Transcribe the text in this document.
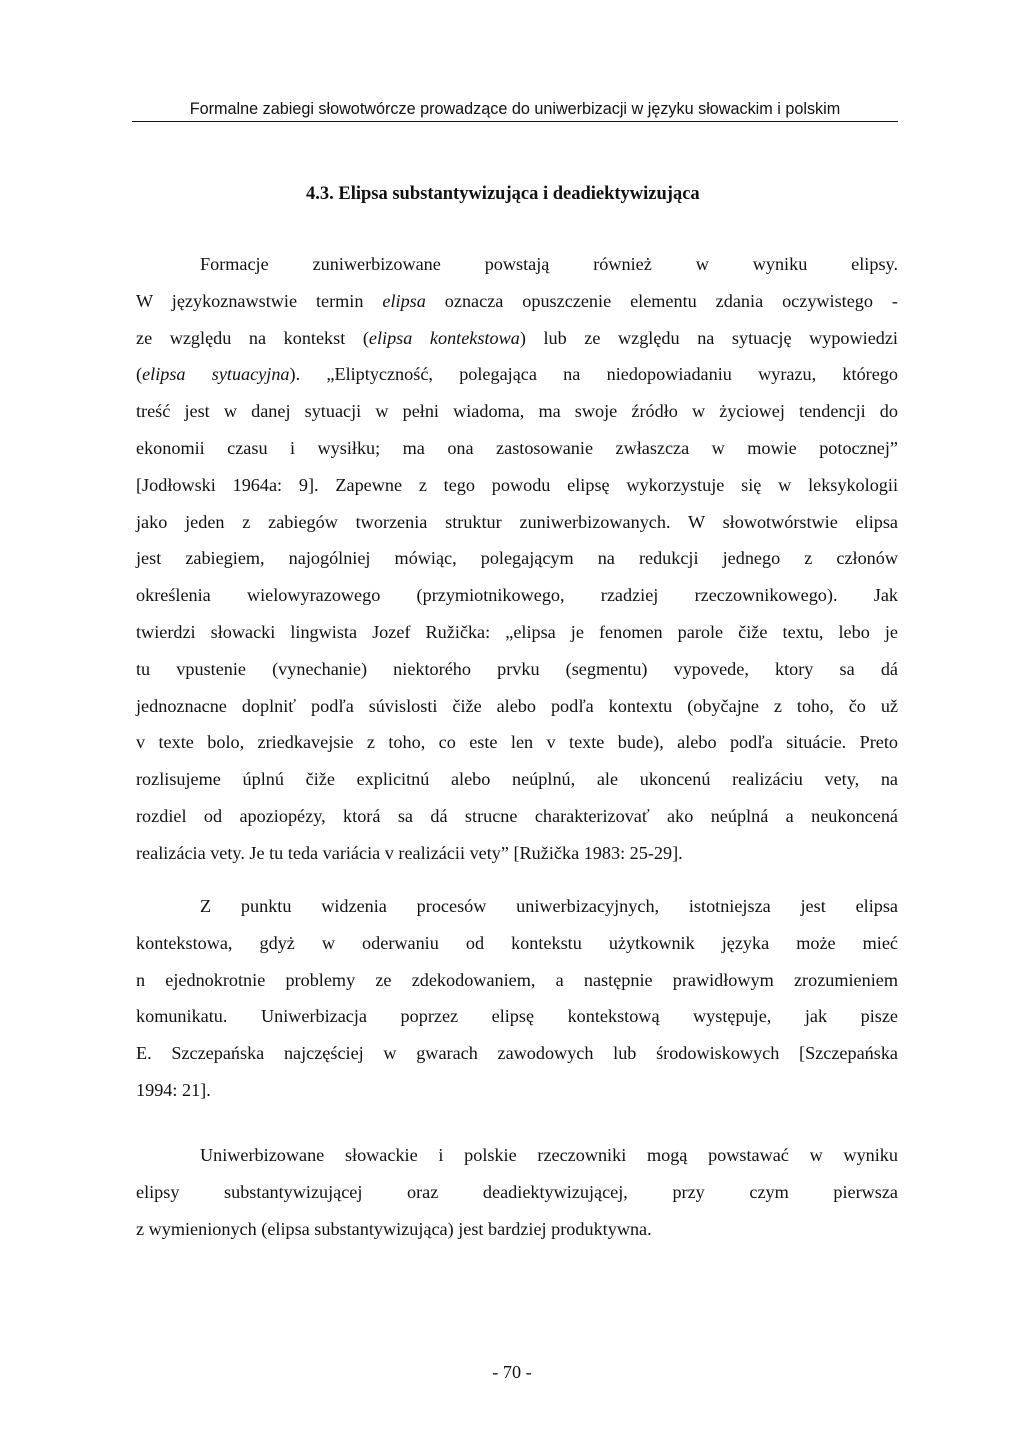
Formalne zabiegi słowotwórcze prowadzące do uniwerbizacji w języku słowackim i polskim
4.3. Elipsa substantywizująca i deadiektywizująca

Formacje zuniwerbizowane powstają również w wyniku elipsy.
W językoznawstwie termin elipsa oznacza opuszczenie elementu zdania oczywistego -
ze względu na kontekst (elipsa kontekstowa) lub ze względu na sytuację wypowiedzi
(elipsa sytuacyjna). „Eliptyczność, polegająca na niedopowiadaniu wyrazu, którego
treść jest w danej sytuacji w pełni wiadoma, ma swoje źródło w życiowej tendencji do
ekonomii czasu i wysiłku; ma ona zastosowanie zwłaszcza w mowie potocznej”
[Jodłowski 1964a: 9]. Zapewne z tego powodu elipsę wykorzystuje się w leksykologii
jako jeden z zabiegów tworzenia struktur zuniwerbizowanych. W słowotwórstwie elipsa
jest zabiegiem, najogólniej mówiąc, polegającym na redukcji jednego z członów
określenia wielowyrazowego (przymiotnikowego, rzadziej rzeczownikowego). Jak
twierdzi słowacki lingwista Jozef Ružička: „elipsa je fenomen parole čiže textu, lebo je
tu vpustenie (vynechanie) niektorého prvku (segmentu) vypovede, ktory sa dá
jednoznacne doplniť podľa súvislosti čiže alebo podľa kontextu (obyčajne z toho, čo už
v texte bolo, zriedkavejsie z toho, co este len v texte bude), alebo podľa situácie. Preto
rozlisujeme úplnú čiže explicitnú alebo neúplnú, ale ukoncenú realizáciu vety, na
rozdiel od apoziopézy, ktorá sa dá strucne charakterizovať ako neúplná a neukoncená
realizácia vety. Je tu teda variácia v realizácii vety” [Ružička 1983: 25-29].

Z punktu widzenia procesów uniwerbizacyjnych, istotniejsza jest elipsa
kontekstowa, gdyż w oderwaniu od kontekstu użytkownik języka może mieć
n ejednokrotnie problemy ze zdekodowaniem, a następnie prawidłowym zrozumieniem
komunikatu. Uniwerbizacja poprzez elipsę kontekstową występuje, jak pisze
E. Szczepańska najczęściej w gwarach zawodowych lub środowiskowych [Szczepańska
1994: 21].

Uniwerbizowane słowackie i polskie rzeczowniki mogą powstawać w wyniku
elipsy substantywizującej oraz deadiektywizującej, przy czym pierwsza
z wymienionych (elipsa substantywizująca) jest bardziej produktywna.

- 70 -
